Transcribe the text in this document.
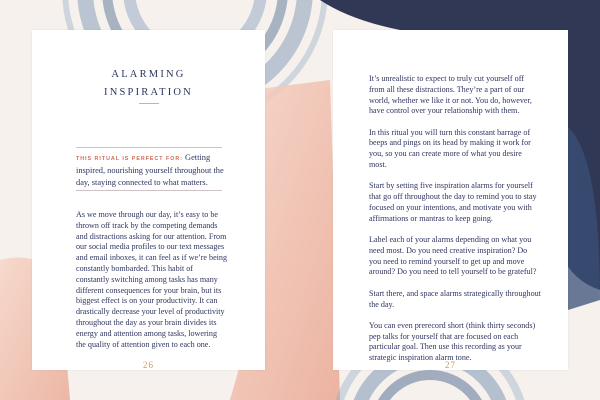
ALARMING
INSPIRATION
THIS RITUAL IS PERFECT FOR: Getting inspired, nourishing yourself throughout the day, staying connected to what matters.

As we move through our day, it’s easy to be thrown off track by the competing demands and distractions asking for our attention. From our social media profiles to our text messages and email inboxes, it can feel as if we’re being constantly bombarded. This habit of constantly switching among tasks has many different consequences for your brain, but its biggest effect is on your productivity. It can drastically decrease your level of productivity throughout the day as your brain divides its energy and attention among tasks, lowering the quality of attention given to each one.

26

It’s unrealistic to expect to truly cut yourself off from all these distractions. They’re a part of our world, whether we like it or not. You do, however, have control over your relationship with them.

In this ritual you will turn this constant barrage of beeps and pings on its head by making it work for you, so you can create more of what you desire most.

Start by setting five inspiration alarms for yourself that go off throughout the day to remind you to stay focused on your intentions, and motivate you with affirmations or mantras to keep going.

Label each of your alarms depending on what you need most. Do you need creative inspiration? Do you need to remind yourself to get up and move around? Do you need to tell yourself to be grateful?

Start there, and space alarms strategically throughout the day.

You can even prerecord short (think thirty seconds) pep talks for yourself that are focused on each particular goal. Then use this recording as your strategic inspiration alarm tone.

27
